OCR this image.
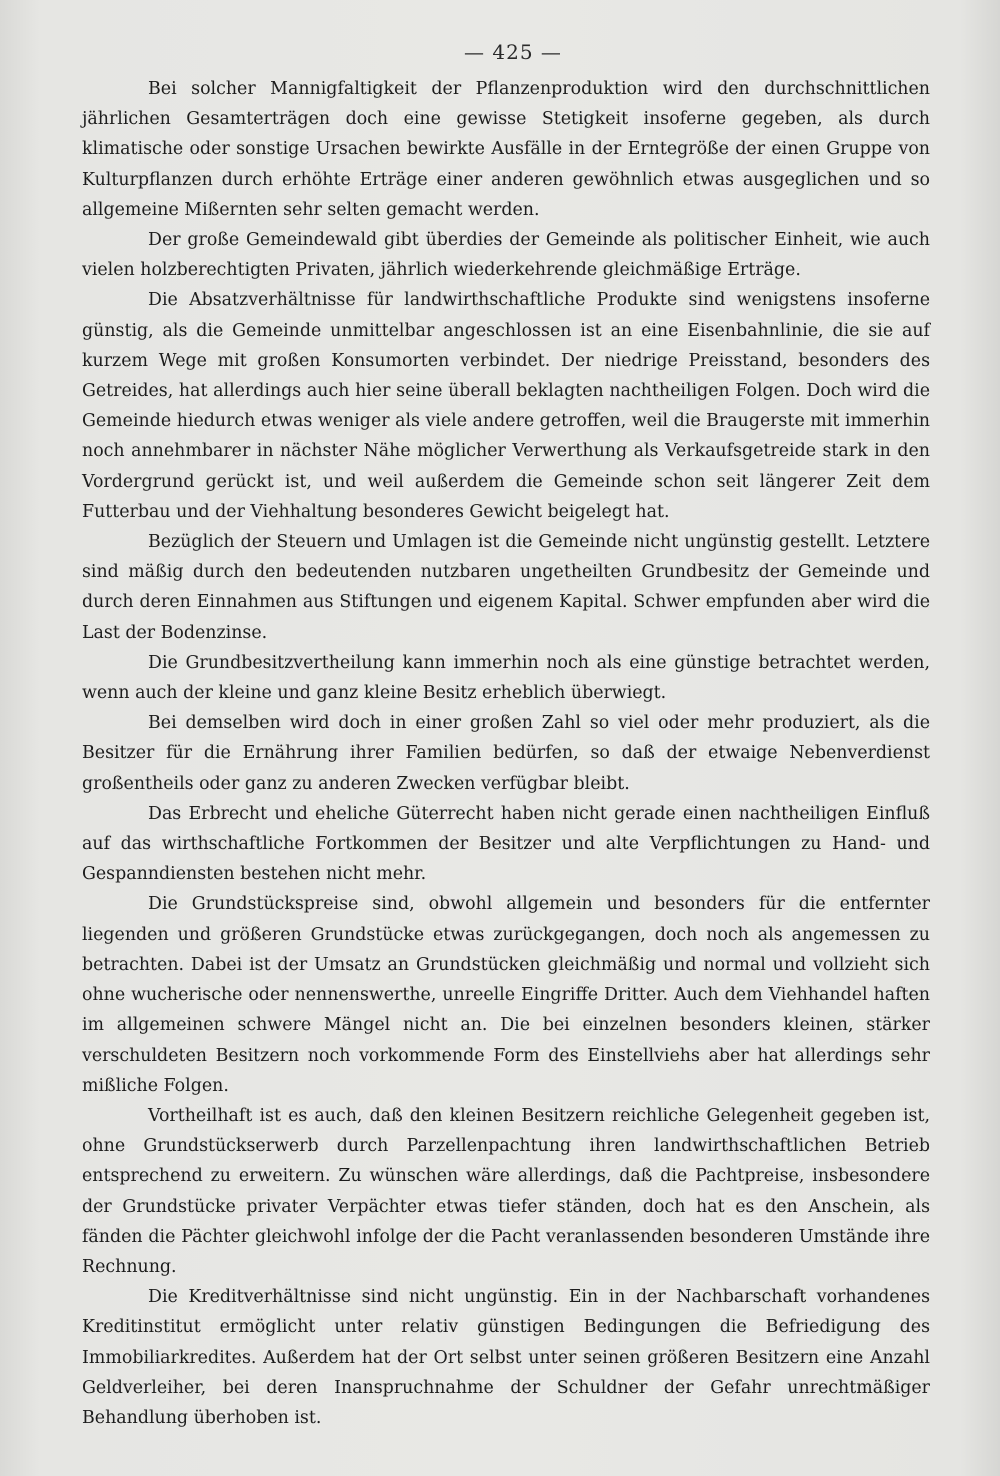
— 425 —

Bei solcher Mannigfaltigkeit der Pflanzenproduktion wird den durchschnittlichen jährlichen Gesamterträgen doch eine gewisse Stetigkeit insoferne gegeben, als durch klimatische oder sonstige Ursachen bewirkte Ausfälle in der Erntegröße der einen Gruppe von Kulturpflanzen durch erhöhte Erträge einer anderen gewöhnlich etwas ausgeglichen und so allgemeine Mißernten sehr selten gemacht werden.

Der große Gemeindewald gibt überdies der Gemeinde als politischer Einheit, wie auch vielen holzberechtigten Privaten, jährlich wiederkehrende gleichmäßige Erträge.

Die Absatzverhältnisse für landwirthschaftliche Produkte sind wenigstens insoferne günstig, als die Gemeinde unmittelbar angeschlossen ist an eine Eisenbahnlinie, die sie auf kurzem Wege mit großen Konsumorten verbindet. Der niedrige Preisstand, besonders des Getreides, hat allerdings auch hier seine überall beklagten nachtheiligen Folgen. Doch wird die Gemeinde hiedurch etwas weniger als viele andere getroffen, weil die Braugerste mit immerhin noch annehmbarer in nächster Nähe möglicher Verwerthung als Verkaufsgetreide stark in den Vordergrund gerückt ist, und weil außerdem die Gemeinde schon seit längerer Zeit dem Futterbau und der Viehhaltung besonderes Gewicht beigelegt hat.

Bezüglich der Steuern und Umlagen ist die Gemeinde nicht ungünstig gestellt. Letztere sind mäßig durch den bedeutenden nutzbaren ungetheilten Grundbesitz der Gemeinde und durch deren Einnahmen aus Stiftungen und eigenem Kapital. Schwer empfunden aber wird die Last der Bodenzinse.

Die Grundbesitzvertheilung kann immerhin noch als eine günstige betrachtet werden, wenn auch der kleine und ganz kleine Besitz erheblich überwiegt.

Bei demselben wird doch in einer großen Zahl so viel oder mehr produziert, als die Besitzer für die Ernährung ihrer Familien bedürfen, so daß der etwaige Nebenverdienst großentheils oder ganz zu anderen Zwecken verfügbar bleibt.

Das Erbrecht und eheliche Güterrecht haben nicht gerade einen nachtheiligen Einfluß auf das wirthschaftliche Fortkommen der Besitzer und alte Verpflichtungen zu Hand- und Gespanndiensten bestehen nicht mehr.

Die Grundstückspreise sind, obwohl allgemein und besonders für die entfernter liegenden und größeren Grundstücke etwas zurückgegangen, doch noch als angemessen zu betrachten. Dabei ist der Umsatz an Grundstücken gleichmäßig und normal und vollzieht sich ohne wucherische oder nennenswerthe, unreelle Eingriffe Dritter. Auch dem Viehhandel haften im allgemeinen schwere Mängel nicht an. Die bei einzelnen besonders kleinen, stärker verschuldeten Besitzern noch vorkommende Form des Einstellviehs aber hat allerdings sehr mißliche Folgen.

Vortheilhaft ist es auch, daß den kleinen Besitzern reichliche Gelegenheit gegeben ist, ohne Grundstückserwerb durch Parzellenpachtung ihren landwirthschaftlichen Betrieb entsprechend zu erweitern. Zu wünschen wäre allerdings, daß die Pachtpreise, insbesondere der Grundstücke privater Verpächter etwas tiefer ständen, doch hat es den Anschein, als fänden die Pächter gleichwohl infolge der die Pacht veranlassenden besonderen Umstände ihre Rechnung.

Die Kreditverhältnisse sind nicht ungünstig. Ein in der Nachbarschaft vorhandenes Kreditinstitut ermöglicht unter relativ günstigen Bedingungen die Befriedigung des Immobiliarkredites. Außerdem hat der Ort selbst unter seinen größeren Besitzern eine Anzahl Geldverleiher, bei deren Inanspruchnahme der Schuldner der Gefahr unrechtmäßiger Behandlung überhoben ist.
